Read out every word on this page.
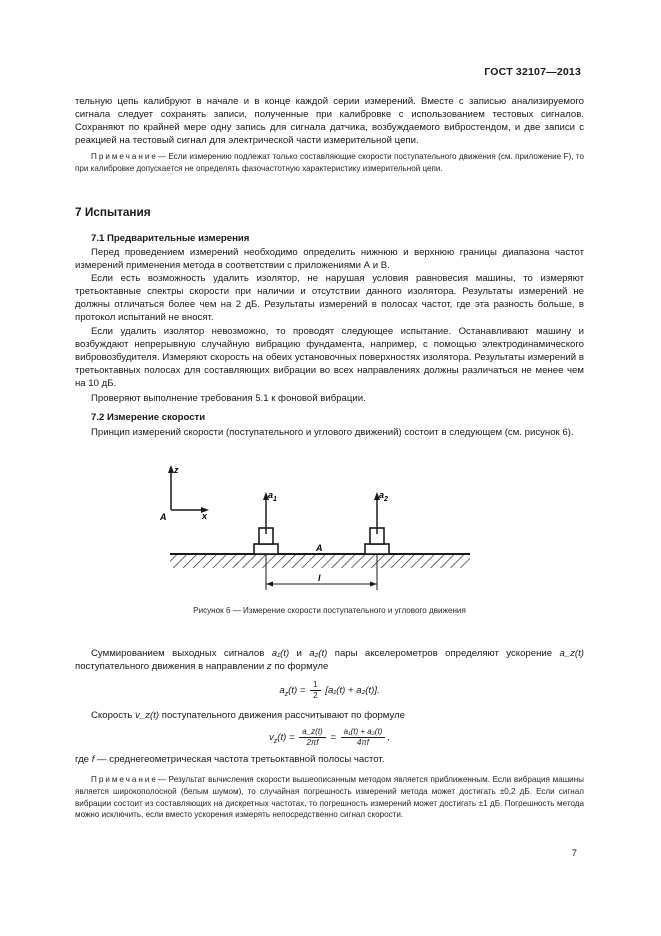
ГОСТ 32107—2013

тельную цепь калибруют в начале и в конце каждой серии измерений. Вместе с записью анализируемого сигнала следует сохранять записи, полученные при калибровке с использованием тестовых сигналов. Сохраняют по крайней мере одну запись для сигнала датчика, возбуждаемого вибростендом, и две записи с реакцией на тестовый сигнал для электрической части измерительной цепи.

Примечание— Если измерению подлежат только составляющие скорости поступательного движения (см. приложение F), то при калибровке допускается не определять фазочастотную характеристику измерительной цепи.

7 Испытания
7.1 Предварительные измерения

Перед проведением измерений необходимо определить нижнюю и верхнюю границы диапазона частот измерений применения метода в соответствии с приложениями А и В.

Если есть возможность удалить изолятор, не нарушая условия равновесия машины, то измеряют третьоктавные спектры скорости при наличии и отсутствии данного изолятора. Результаты измерений не должны отличаться более чем на 2 дБ. Результаты измерений в полосах частот, где эта разность больше, в протокол испытаний не вносят.

Если удалить изолятор невозможно, то проводят следующее испытание. Останавливают машину и возбуждают непрерывную случайную вибрацию фундамента, например, с помощью электродинамического вибровозбудителя. Измеряют скорость на обеих установочных поверхностях изолятора. Результаты измерений в третьоктавных полосах для составляющих вибрации во всех направлениях должны различаться не менее чем на 10 дБ.

Проверяют выполнение требования 5.1 к фоновой вибрации.

7.2 Измерение скорости

Принцип измерений скорости (поступательного и углового движений) состоит в следующем (см. рисунок 6).

z
x
A
A
$a_1$	$a_2$
l
Рисунок 6 — Измерение скорости поступательного и углового движения

Суммированием выходных сигналов a₁(t) и a₂(t) пары акселерометров определяют ускорение a_z(t) поступательного движения в направлении z по формуле

$a_z(t) = \frac{1}{2} [a_1(t) + a_2(t)]$.

Скорость v_z(t) поступательного движения рассчитывают по формуле

$v_z(t) = \frac{a\_z(t)}{2\pi f} = \frac{\text{a₁(t) + a₂(t)}}{4\pi f}$ ,

где f — среднегеометрическая частота третьоктавной полосы частот.

Примечание— Результат вычисления скорости вышеописанным методом является приближенным. Если вибрация машины является широкополосной (белым шумом), то случайная погрешность измерений метода может достигать ±0,2 дБ. Если сигнал вибрации состоит из составляющих на дискретных частотах, то погрешность измерений может достигать ±1 дБ. Погрешность метода можно исключить, если вместо ускорения измерять непосредственно сигнал скорости.

7
